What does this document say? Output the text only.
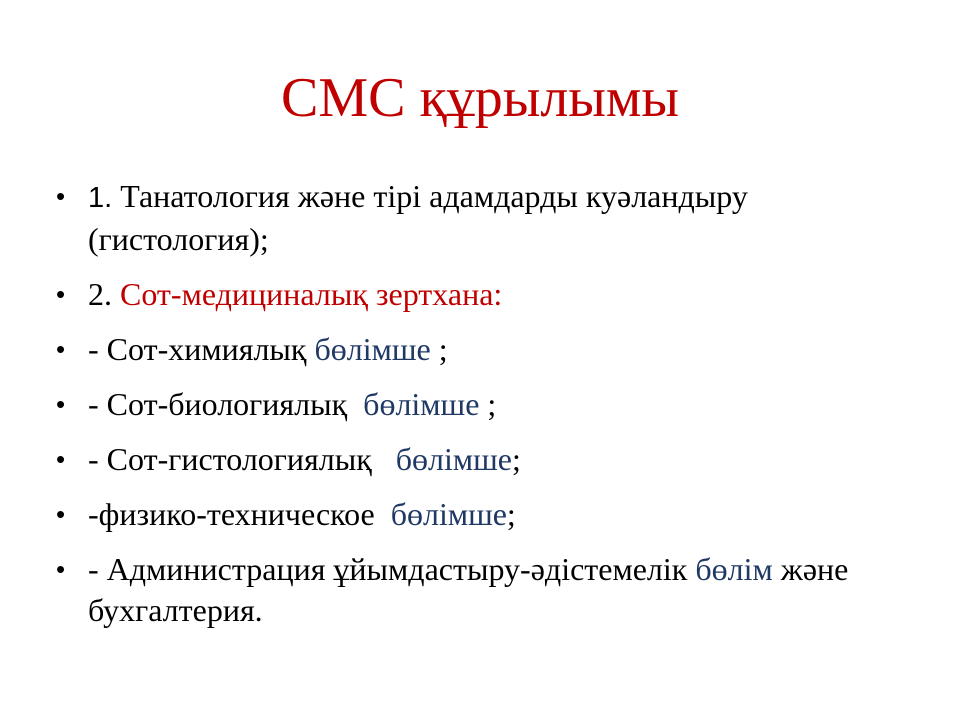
СМС құрылымы
• 1. Танатология және тірі адамдарды куәландыру (гистология);
• 2. Сот-медициналық зертхана:
• - Сот-химиялық бөлімше ;
• - Сот-биологиялық  бөлімше ;
• - Сот-гистологиялық   бөлімше;
• -физико-техническое  бөлімше;
• - Администрация ұйымдастыру-әдістемелік бөлім және бухгалтерия.
